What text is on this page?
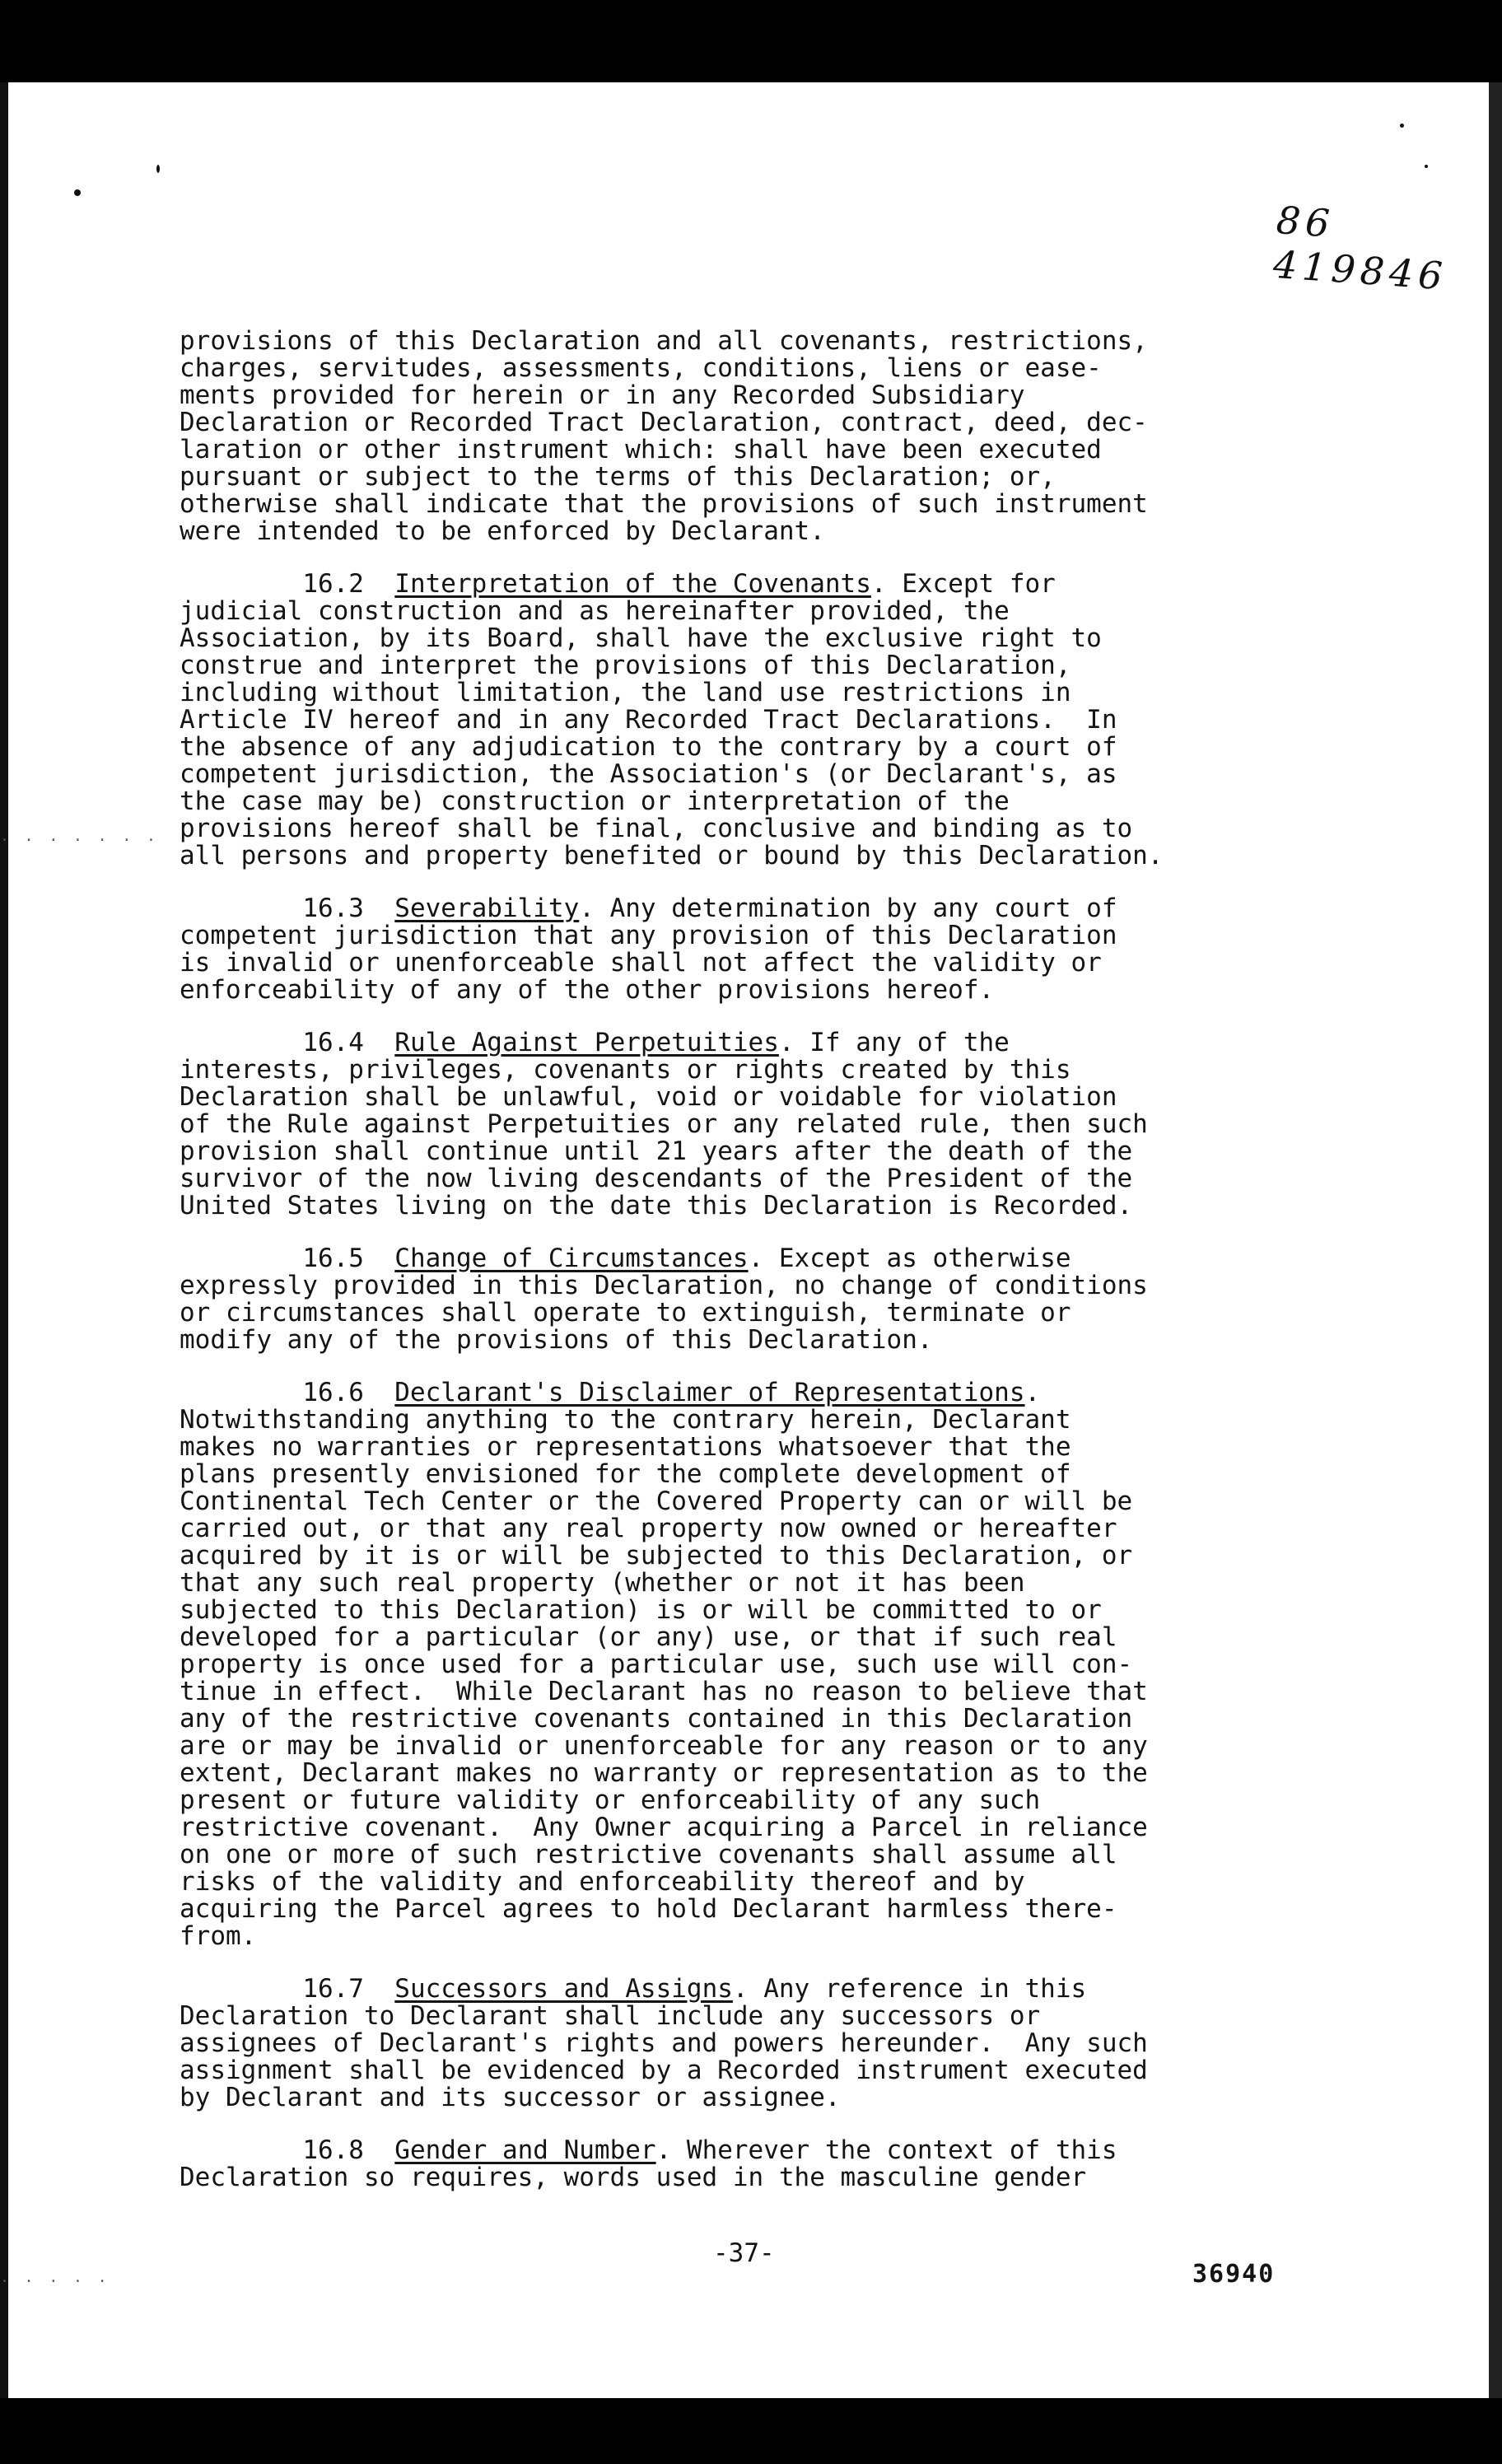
· · · · · · ·
· · · · ·
86 419846
provisions of this Declaration and all covenants, restrictions,
charges, servitudes, assessments, conditions, liens or ease-
ments provided for herein or in any Recorded Subsidiary
Declaration or Recorded Tract Declaration, contract, deed, dec-
laration or other instrument which: shall have been executed
pursuant or subject to the terms of this Declaration; or,
otherwise shall indicate that the provisions of such instrument
were intended to be enforced by Declarant.
16.2 Interpretation of the Covenants. Except for
judicial construction and as hereinafter provided, the
Association, by its Board, shall have the exclusive right to
construe and interpret the provisions of this Declaration,
including without limitation, the land use restrictions in
Article IV hereof and in any Recorded Tract Declarations.  In
the absence of any adjudication to the contrary by a court of
competent jurisdiction, the Association's (or Declarant's, as
the case may be) construction or interpretation of the
provisions hereof shall be final, conclusive and binding as to
all persons and property benefited or bound by this Declaration.
16.3 Severability. Any determination by any court of
competent jurisdiction that any provision of this Declaration
is invalid or unenforceable shall not affect the validity or
enforceability of any of the other provisions hereof.
16.4 Rule Against Perpetuities. If any of the
interests, privileges, covenants or rights created by this
Declaration shall be unlawful, void or voidable for violation
of the Rule against Perpetuities or any related rule, then such
provision shall continue until 21 years after the death of the
survivor of the now living descendants of the President of the
United States living on the date this Declaration is Recorded.
16.5 Change of Circumstances. Except as otherwise
expressly provided in this Declaration, no change of conditions
or circumstances shall operate to extinguish, terminate or
modify any of the provisions of this Declaration.
16.6 Declarant's Disclaimer of Representations.
Notwithstanding anything to the contrary herein, Declarant
makes no warranties or representations whatsoever that the
plans presently envisioned for the complete development of
Continental Tech Center or the Covered Property can or will be
carried out, or that any real property now owned or hereafter
acquired by it is or will be subjected to this Declaration, or
that any such real property (whether or not it has been
subjected to this Declaration) is or will be committed to or
developed for a particular (or any) use, or that if such real
property is once used for a particular use, such use will con-
tinue in effect.  While Declarant has no reason to believe that
any of the restrictive covenants contained in this Declaration
are or may be invalid or unenforceable for any reason or to any
extent, Declarant makes no warranty or representation as to the
present or future validity or enforceability of any such
restrictive covenant.  Any Owner acquiring a Parcel in reliance
on one or more of such restrictive covenants shall assume all
risks of the validity and enforceability thereof and by
acquiring the Parcel agrees to hold Declarant harmless there-
from.
16.7 Successors and Assigns. Any reference in this
Declaration to Declarant shall include any successors or
assignees of Declarant's rights and powers hereunder.  Any such
assignment shall be evidenced by a Recorded instrument executed
by Declarant and its successor or assignee.
16.8 Gender and Number. Wherever the context of this
Declaration so requires, words used in the masculine gender
-37-
36940
